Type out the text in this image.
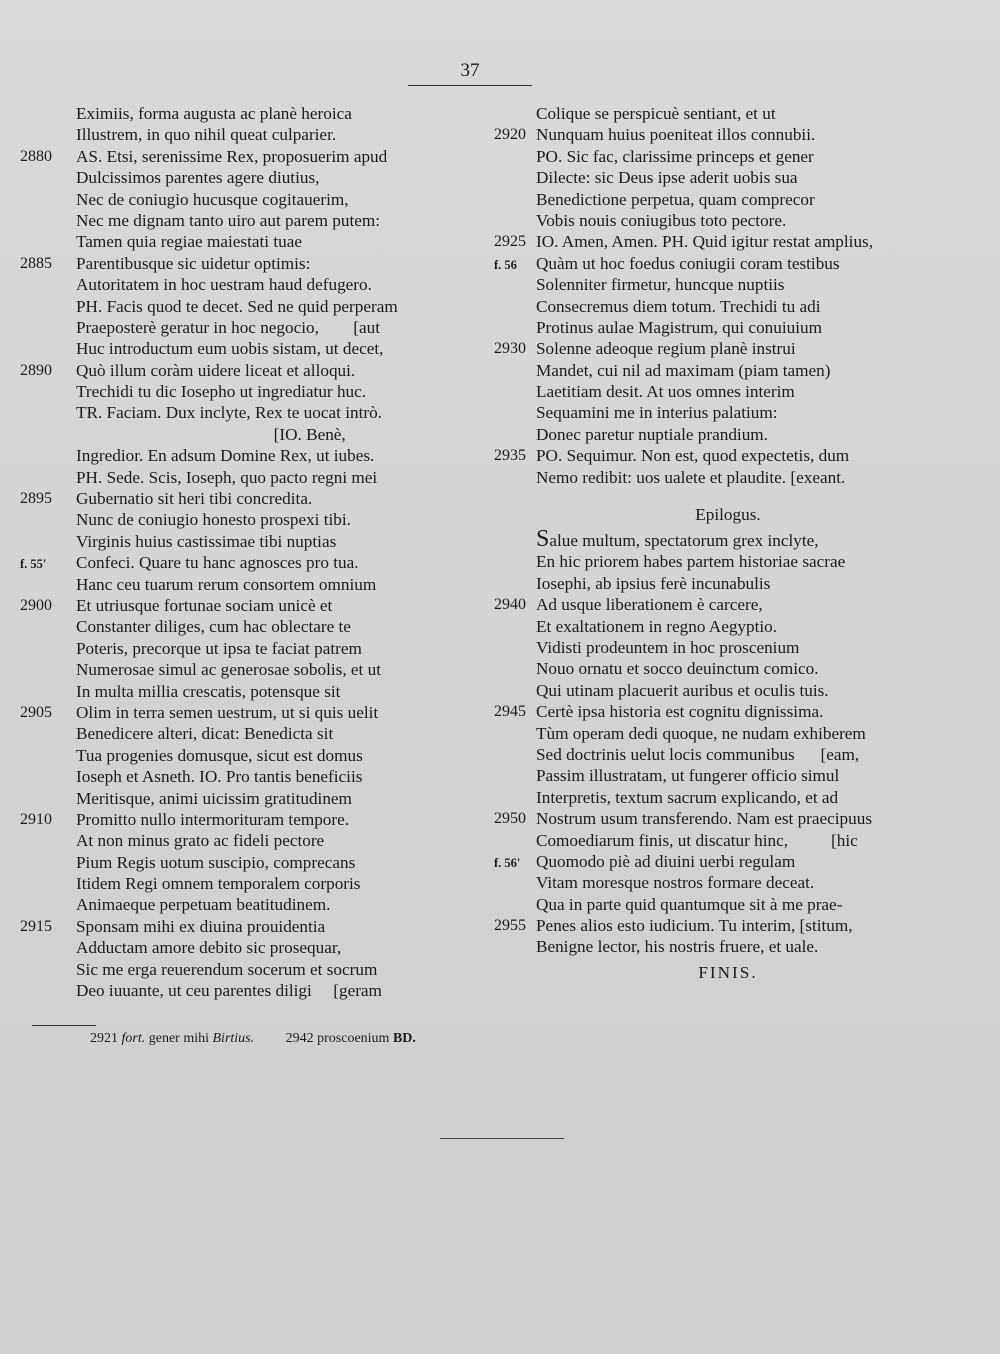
37
Eximiis, forma augusta ac planè heroica
Illustrem, in quo nihil queat culparier.
2880	AS. Etsi, serenissime Rex, proposuerim apud
Dulcissimos parentes agere diutius,
Nec de coniugio hucusque cogitauerim,
Nec me dignam tanto uiro aut parem putem:
Tamen quia regiae maiestati tuae
2885	Parentibusque sic uidetur optimis:
Autoritatem in hoc uestram haud defugero.
PH. Facis quod te decet. Sed ne quid perperam
Praeposterè geratur in hoc negocio,        [aut
Huc introductum eum uobis sistam, ut decet,
2890	Quò illum coràm uidere liceat et alloqui.
Trechidi tu dic Iosepho ut ingrediatur huc.
TR. Faciam. Dux inclyte, Rex te uocat intrò.
[IO. Benè,
Ingredior. En adsum Domine Rex, ut iubes.
PH. Sede. Scis, Ioseph, quo pacto regni mei
2895	Gubernatio sit heri tibi concredita.
Nunc de coniugio honesto prospexi tibi.
Virginis huius castissimae tibi nuptias
f. 55'	Confeci. Quare tu hanc agnosces pro tua.
Hanc ceu tuarum rerum consortem omnium
2900	Et utriusque fortunae sociam unicè et
Constanter diliges, cum hac oblectare te
Poteris, precorque ut ipsa te faciat patrem
Numerosae simul ac generosae sobolis, et ut
In multa millia crescatis, potensque sit
2905	Olim in terra semen uestrum, ut si quis uelit
Benedicere alteri, dicat: Benedicta sit
Tua progenies domusque, sicut est domus
Ioseph et Asneth. IO. Pro tantis beneficiis
Meritisque, animi uicissim gratitudinem
2910	Promitto nullo intermorituram tempore.
At non minus grato ac fideli pectore
Pium Regis uotum suscipio, comprecans
Itidem Regi omnem temporalem corporis
Animaeque perpetuam beatitudinem.
2915	Sponsam mihi ex diuina prouidentia
Adductam amore debito sic prosequar,
Sic me erga reuerendum socerum et socrum
Deo iuuante, ut ceu parentes diligi     [geram
Colique se perspicuè sentiant, et ut
2920 Nunquam huius poeniteat illos connubii.
PO. Sic fac, clarissime princeps et gener
Dilecte: sic Deus ipse aderit uobis sua
Benedictione perpetua, quam comprecor
Vobis nouis coniugibus toto pectore.
2925 IO. Amen, Amen. PH. Quid igitur restat amplius,
f. 56	Quàm ut hoc foedus coniugii coram testibus
Solenniter firmetur, huncque nuptiis
Consecremus diem totum. Trechidi tu adi
Protinus aulae Magistrum, qui conuiuium
2930 Solenne adeoque regium planè instrui
Mandet, cui nil ad maximam (piam tamen)
Laetitiam desit. At uos omnes interim
Sequamini me in interius palatium:
Donec paretur nuptiale prandium.
2935 PO. Sequimur. Non est, quod expectetis, dum
Nemo redibit: uos ualete et plaudite. [exeant.
Epilogus.
Salue multum, spectatorum grex inclyte,
En hic priorem habes partem historiae sacrae
Iosephi, ab ipsius ferè incunabulis
2940 Ad usque liberationem è carcere,
Et exaltationem in regno Aegyptio.
Vidisti prodeuntem in hoc proscenium
Nouo ornatu et socco deuinctum comico.
Qui utinam placuerit auribus et oculis tuis.
2945 Certè ipsa historia est cognitu dignissima.
Tùm operam dedi quoque, ne nudam exhiberem
Sed doctrinis uelut locis communibus      [eam,
Passim illustratam, ut fungerer officio simul
Interpretis, textum sacrum explicando, et ad
2950 Nostrum usum transferendo. Nam est praecipuus
Comoediarum finis, ut discatur hinc,          [hic
f. 56' Quomodo piè ad diuini uerbi regulam
Vitam moresque nostros formare deceat.
Qua in parte quid quantumque sit à me prae-
2955 Penes alios esto iudicium. Tu interim, [stitum,
Benigne lector, his nostris fruere, et uale.
FINIS.
2921 fort. gener mihi Birtius. 2942 proscoenium BD.
